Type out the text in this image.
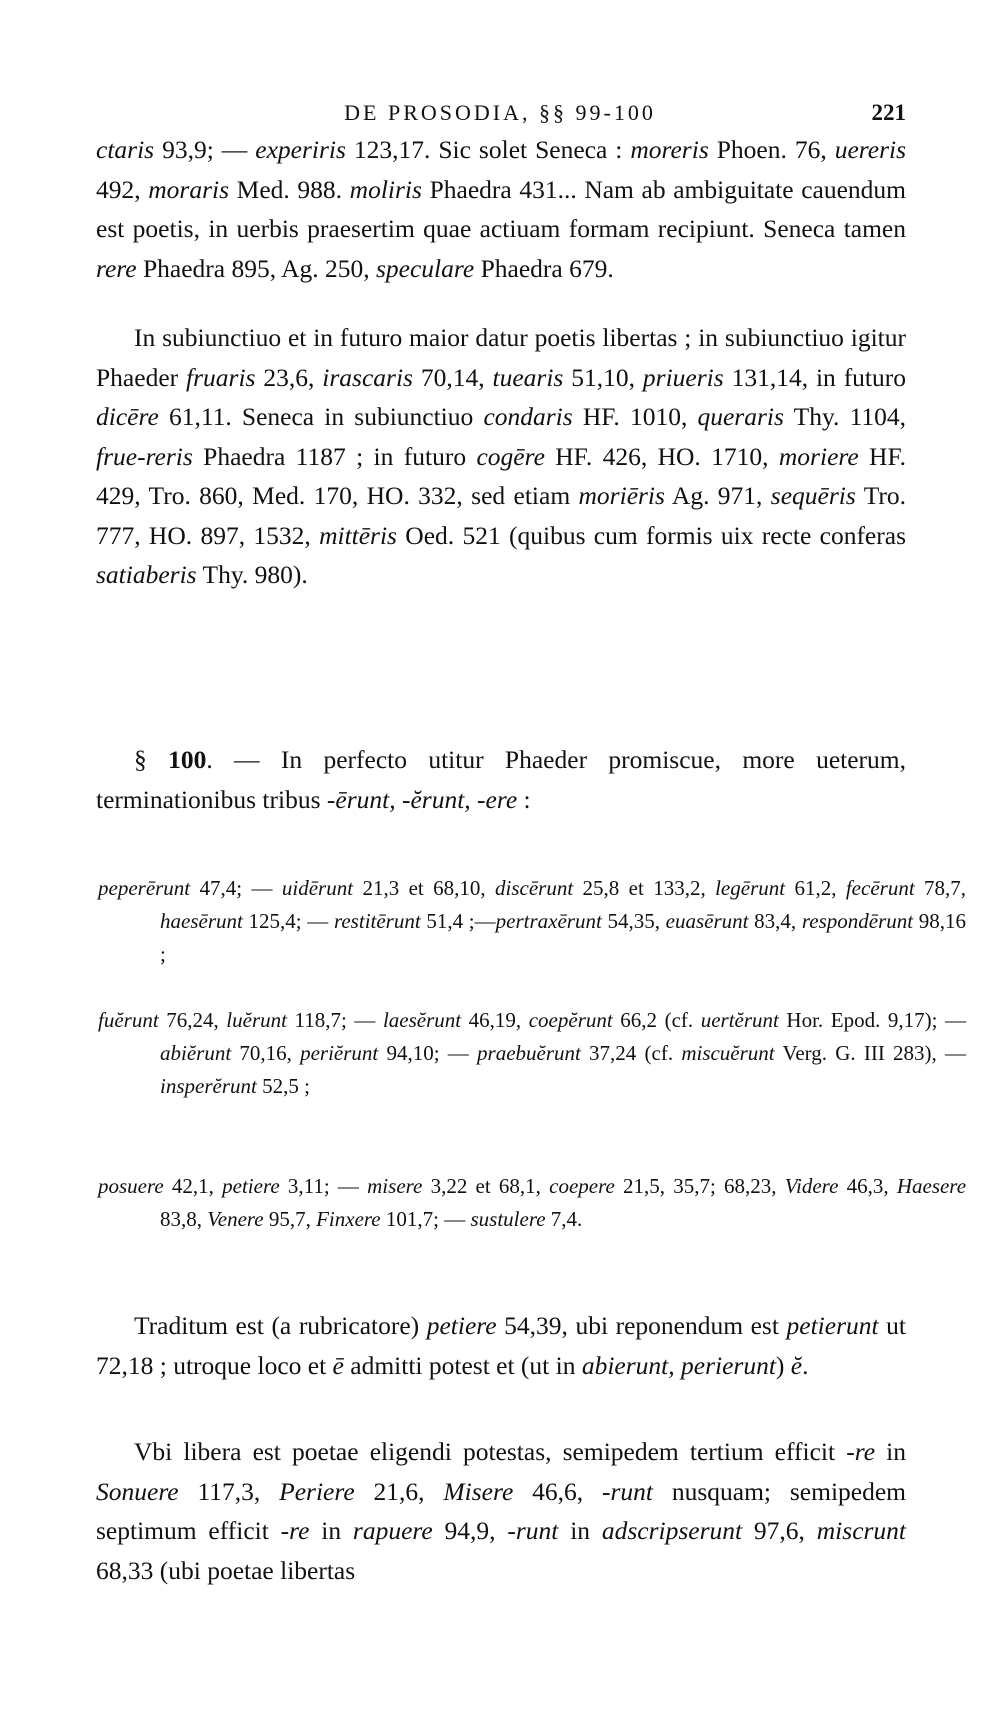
DE PROSODIA, §§ 99-100	221

ctaris 93,9; — experiris 123,17. Sic solet Seneca : moreris Phoen. 76, uereris 492, moraris Med. 988. moliris Phaedra 431... Nam ab ambiguitate cauendum est poetis, in uerbis praesertim quae actiuam formam recipiunt. Seneca tamen rere Phaedra 895, Ag. 250, speculare Phaedra 679.

In subiunctiuo et in futuro maior datur poetis libertas ; in subiunctiuo igitur Phaeder fruaris 23,6, irascaris 70,14, tuearis 51,10, priueris 131,14, in futuro dicēre 61,11. Seneca in subiunctiuo condaris HF. 1010, queraris Thy. 1104, frue-reris Phaedra 1187 ; in futuro cogēre HF. 426, HO. 1710, moriere HF. 429, Tro. 860, Med. 170, HO. 332, sed etiam moriēris Ag. 971, sequēris Tro. 777, HO. 897, 1532, mittēris Oed. 521 (quibus cum formis uix recte conferas satiaberis Thy. 980).

§ 100. — In perfecto utitur Phaeder promiscue, more ueterum, terminationibus tribus -ērunt, -ĕrunt, -ere :

peperērunt 47,4; — uidērunt 21,3 et 68,10, discērunt 25,8 et 133,2, legērunt 61,2, fecērunt 78,7, haesērunt 125,4; — restitērunt 51,4 ;—pertraxērunt 54,35, euasērunt 83,4, respondērunt 98,16 ;

fuĕrunt 76,24, luĕrunt 118,7; — laesĕrunt 46,19, coepĕrunt 66,2 (cf. uertĕrunt Hor. Epod. 9,17); — abiĕrunt 70,16, periĕrunt 94,10; — praebuĕrunt 37,24 (cf. miscuĕrunt Verg. G. III 283), — insperĕrunt 52,5 ;

posuere 42,1, petiere 3,11; — misere 3,22 et 68,1, coepere 21,5, 35,7; 68,23, Videre 46,3, Haesere 83,8, Venere 95,7, Finxere 101,7; — sustulere 7,4.

Traditum est (a rubricatore) petiere 54,39, ubi reponendum est petierunt ut 72,18 ; utroque loco et ē admitti potest et (ut in abierunt, perierunt) ĕ.

Vbi libera est poetae eligendi potestas, semipedem tertium efficit -re in Sonuere 117,3, Periere 21,6, Misere 46,6, -runt nusquam; semipedem septimum efficit -re in rapuere 94,9, -runt in adscripserunt 97,6, miscrunt 68,33 (ubi poetae libertas
